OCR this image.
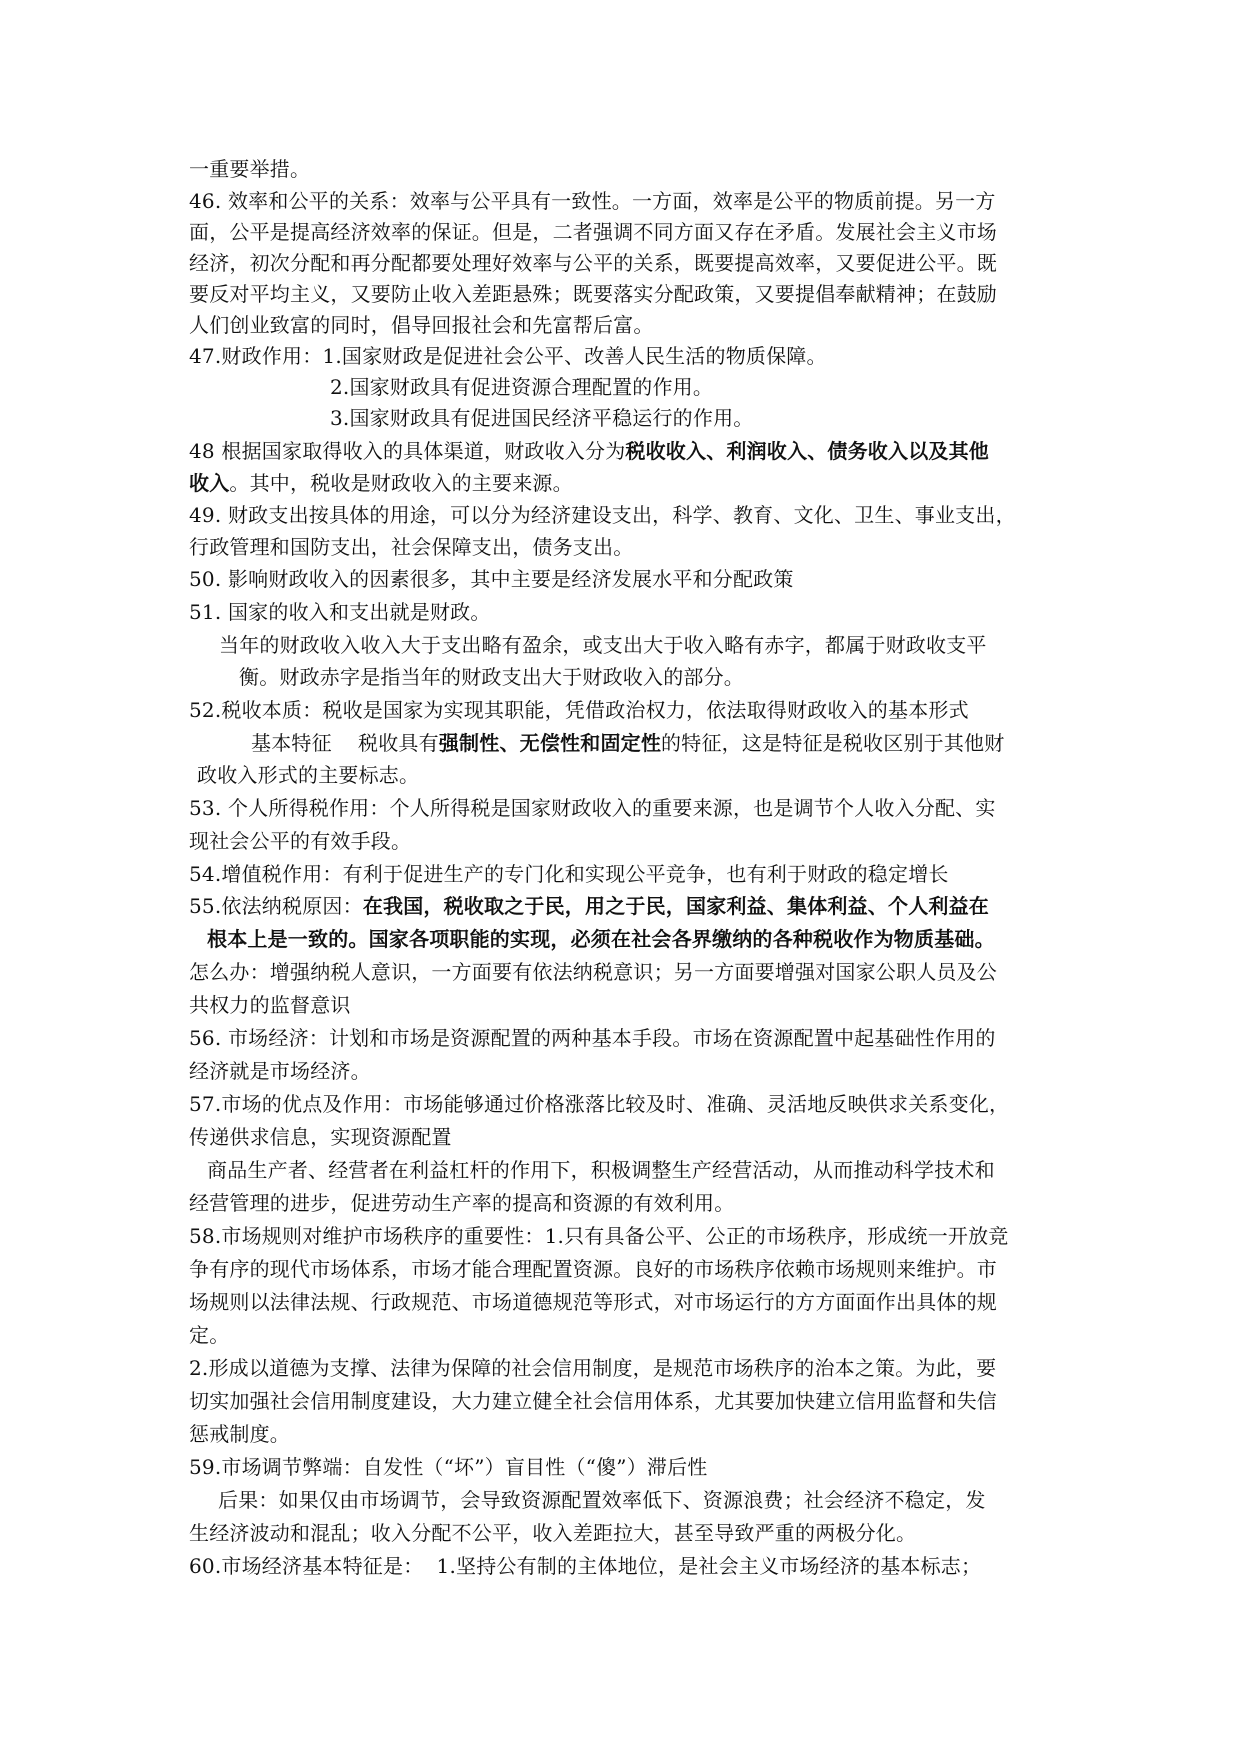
一重要举措。
46. 效率和公平的关系：效率与公平具有一致性。一方面，效率是公平的物质前提。另一方
面，公平是提高经济效率的保证。但是，二者强调不同方面又存在矛盾。发展社会主义市场
经济，初次分配和再分配都要处理好效率与公平的关系，既要提高效率，又要促进公平。既
要反对平均主义，又要防止收入差距悬殊；既要落实分配政策，又要提倡奉献精神；在鼓励
人们创业致富的同时，倡导回报社会和先富帮后富。
47.财政作用：1.国家财政是促进社会公平、改善人民生活的物质保障。
2.国家财政具有促进资源合理配置的作用。
3.国家财政具有促进国民经济平稳运行的作用。
48 根据国家取得收入的具体渠道，财政收入分为税收收入、利润收入、债务收入以及其他
收入。其中，税收是财政收入的主要来源。
49. 财政支出按具体的用途，可以分为经济建设支出，科学、教育、文化、卫生、事业支出，
行政管理和国防支出，社会保障支出，债务支出。
50. 影响财政收入的因素很多，其中主要是经济发展水平和分配政策
51. 国家的收入和支出就是财政。
当年的财政收入收入大于支出略有盈余，或支出大于收入略有赤字，都属于财政收支平
衡。财政赤字是指当年的财政支出大于财政收入的部分。
52.税收本质：税收是国家为实现其职能，凭借政治权力，依法取得财政收入的基本形式
基本特征    税收具有强制性、无偿性和固定性的特征，这是特征是税收区别于其他财
政收入形式的主要标志。
53. 个人所得税作用：个人所得税是国家财政收入的重要来源，也是调节个人收入分配、实
现社会公平的有效手段。
54.增值税作用：有利于促进生产的专门化和实现公平竞争，也有利于财政的稳定增长
55.依法纳税原因：在我国，税收取之于民，用之于民，国家利益、集体利益、个人利益在
根本上是一致的。国家各项职能的实现，必须在社会各界缴纳的各种税收作为物质基础。
怎么办：增强纳税人意识，一方面要有依法纳税意识；另一方面要增强对国家公职人员及公
共权力的监督意识
56. 市场经济：计划和市场是资源配置的两种基本手段。市场在资源配置中起基础性作用的
经济就是市场经济。
57.市场的优点及作用：市场能够通过价格涨落比较及时、准确、灵活地反映供求关系变化，
传递供求信息，实现资源配置
商品生产者、经营者在利益杠杆的作用下，积极调整生产经营活动，从而推动科学技术和
经营管理的进步，促进劳动生产率的提高和资源的有效利用。
58.市场规则对维护市场秩序的重要性：1.只有具备公平、公正的市场秩序，形成统一开放竞
争有序的现代市场体系，市场才能合理配置资源。良好的市场秩序依赖市场规则来维护。市
场规则以法律法规、行政规范、市场道德规范等形式，对市场运行的方方面面作出具体的规
定。
2.形成以道德为支撑、法律为保障的社会信用制度，是规范市场秩序的治本之策。为此，要
切实加强社会信用制度建设，大力建立健全社会信用体系，尤其要加快建立信用监督和失信
惩戒制度。
59.市场调节弊端：自发性（“坏”）盲目性（“傻”）滞后性
后果：如果仅由市场调节，会导致资源配置效率低下、资源浪费；社会经济不稳定，发
生经济波动和混乱；收入分配不公平，收入差距拉大，甚至导致严重的两极分化。
60.市场经济基本特征是：  1.坚持公有制的主体地位，是社会主义市场经济的基本标志；
